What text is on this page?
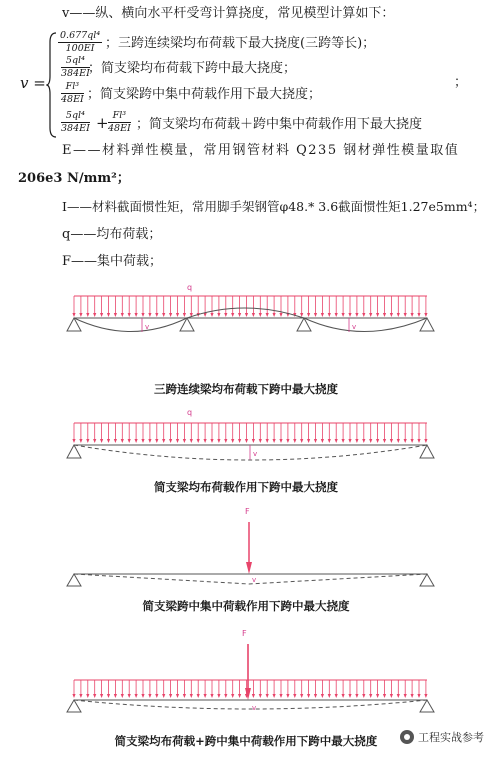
v——纵、横向水平杆受弯计算挠度，常见模型计算如下：
v =
0.677ql⁴
100EI ；三跨连续梁均布荷载下最大挠度(三跨等长)；
5ql⁴
384EI
；简支梁均布荷载下跨中最大挠度；
Fl³
48EI ；简支梁跨中集中荷载作用下最大挠度；
5ql⁴
384EI + Fl³
48EI ；简支梁均布荷载＋跨中集中荷载作用下最大挠度
；
E——材料弹性模量，常用钢管材料 Q235 钢材弹性模量取值
206e3 N/mm²；
I——材料截面惯性矩，常用脚手架钢管φ48.* 3.6截面惯性矩1.27e5mm⁴；
q——均布荷载；
F——集中荷载；
q
v	v
三跨连续梁均布荷载下跨中最大挠度
q
v
简支梁均布荷载作用下跨中最大挠度
F
v
简支梁跨中集中荷载作用下跨中最大挠度
F
v
简支梁均布荷载+跨中集中荷载作用下跨中最大挠度	工程实战参考
